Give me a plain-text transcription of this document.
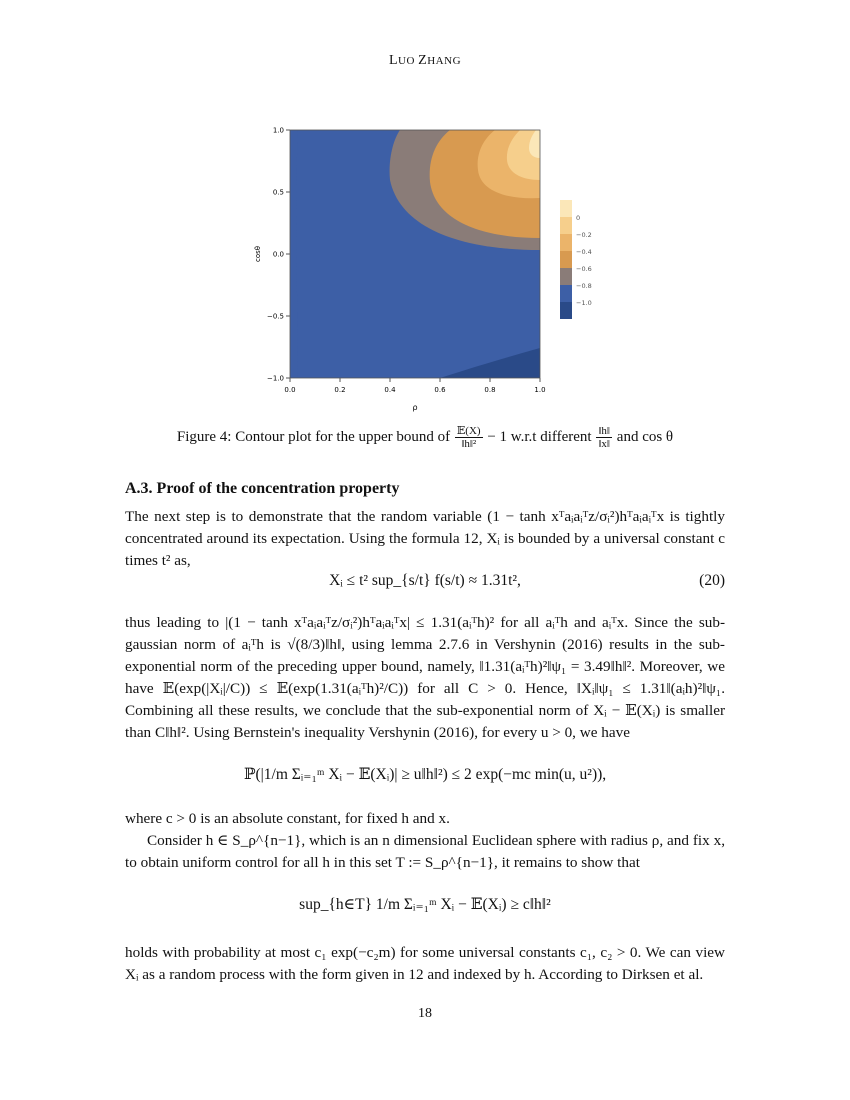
LUO ZHANG
0.0	0.2	0.4	0.6	0.8	1.0
1.0
0.5
0.0
−0.5
−1.0
ρ
cosθ
0
−0.2
−0.4
−0.6
−0.8
−1.0
Figure 4: Contour plot for the upper bound of $\frac{\text{𝔼(X)}}{\text{‖h‖²}} - 1$ w.r.t different $\frac{‖h‖}{‖x‖}$ and cos θ
A.3. Proof of the concentration property
The next step is to demonstrate that the random variable (1 − tanh xᵀaᵢaᵢᵀz/σᵢ²)hᵀaᵢaᵢᵀx is tightly concentrated around its expectation. Using the formula 12, Xᵢ is bounded by a universal constant c times t² as,
Xᵢ ≤ t² sup_{s/t} f(s/t) ≈ 1.31t²,	(20)
thus leading to |(1 − tanh xᵀaᵢaᵢᵀz/σᵢ²)hᵀaᵢaᵢᵀx| ≤ 1.31(aᵢᵀh)² for all aᵢᵀh and aᵢᵀx. Since the sub-gaussian norm of aᵢᵀh is √(8/3)‖h‖, using lemma 2.7.6 in Vershynin (2016) results in the sub-exponential norm of the preceding upper bound, namely, ‖1.31(aᵢᵀh)²‖ψ₁ = 3.49‖h‖². Moreover, we have 𝔼(exp(|Xᵢ|/C)) ≤ 𝔼(exp(1.31(aᵢᵀh)²/C)) for all C > 0. Hence, ‖Xᵢ‖ψ₁ ≤ 1.31‖(aᵢh)²‖ψ₁. Combining all these results, we conclude that the sub-exponential norm of Xᵢ − 𝔼(Xᵢ) is smaller than C‖h‖². Using Bernstein's inequality Vershynin (2016), for every u > 0, we have
ℙ(|1/m Σᵢ₌₁ᵐ Xᵢ − 𝔼(Xᵢ)| ≥ u‖h‖²) ≤ 2 exp(−mc min(u, u²)),
where c > 0 is an absolute constant, for fixed h and x.
Consider h ∈ S_ρ^{n−1}, which is an n dimensional Euclidean sphere with radius ρ, and fix x, to obtain uniform control for all h in this set T := S_ρ^{n−1}, it remains to show that
sup_{h∈T} 1/m Σᵢ₌₁ᵐ Xᵢ − 𝔼(Xᵢ) ≥ c‖h‖²
holds with probability at most c₁ exp(−c₂m) for some universal constants c₁, c₂ > 0. We can view Xᵢ as a random process with the form given in 12 and indexed by h. According to Dirksen et al.
18
